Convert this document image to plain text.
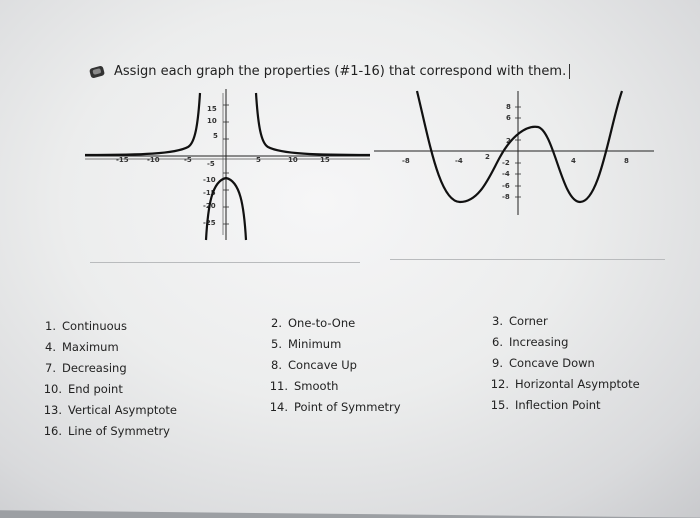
Assign each graph the properties (#1-16) that correspond with them.
15
10
5
-5
-10
-15
-20
-25
-15	-10	-5	5	10	15
8
6
2
-2
-4
-6
-8
-8	-4	2	4	8
1. Continuous
4. Maximum
7. Decreasing
10. End point
13. Vertical Asymptote
16. Line of Symmetry
2. One-to-One
5. Minimum
8. Concave Up
11. Smooth
14. Point of Symmetry
3. Corner
6. Increasing
9. Concave Down
12. Horizontal Asymptote
15. Inflection Point
